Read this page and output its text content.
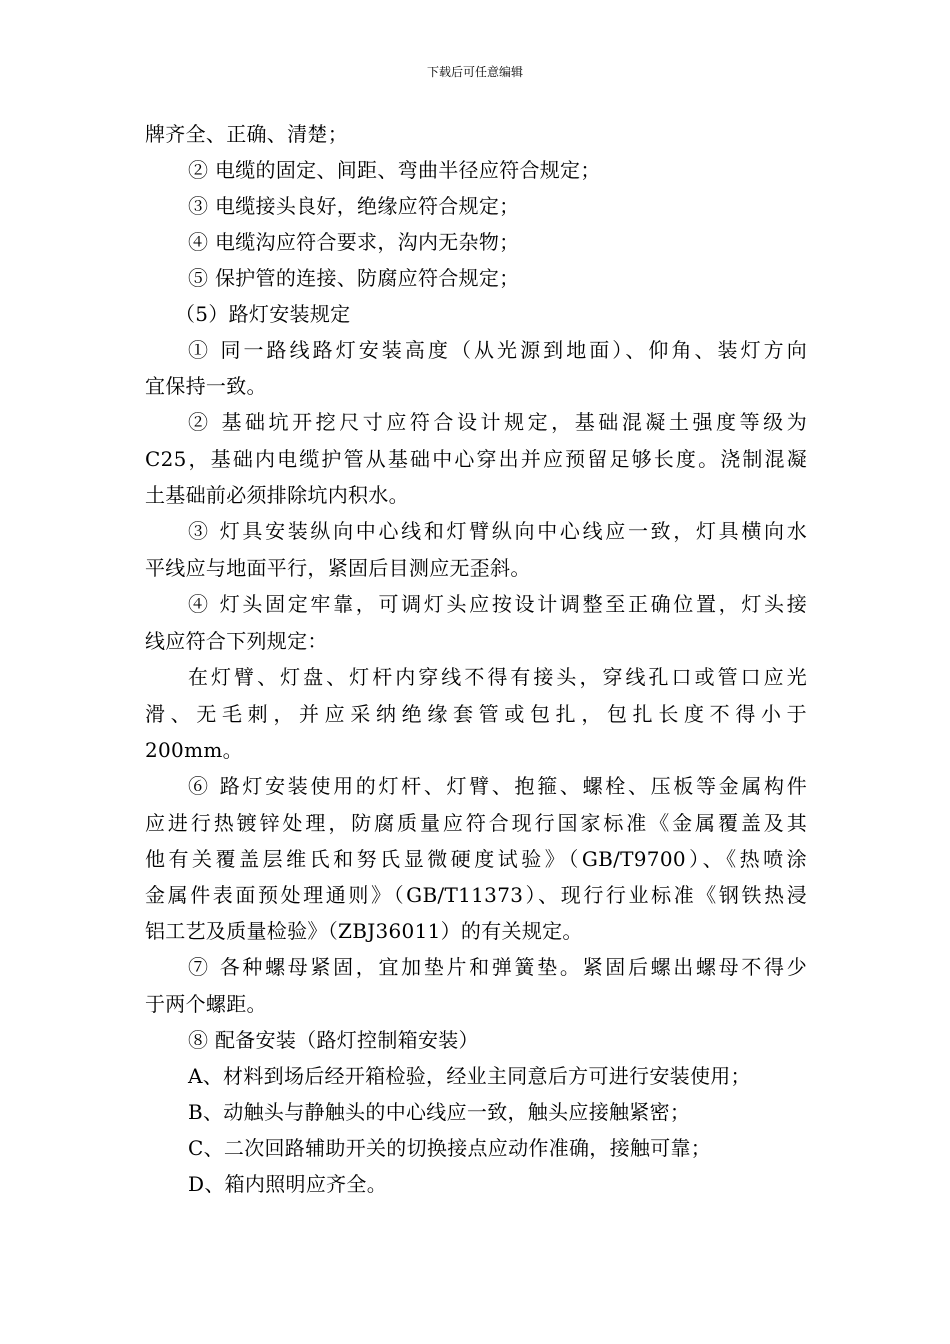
下载后可任意编辑
牌齐全、正确、清楚；
② 电缆的固定、间距、弯曲半径应符合规定；
③ 电缆接头良好，绝缘应符合规定；
④ 电缆沟应符合要求，沟内无杂物；
⑤ 保护管的连接、防腐应符合规定；
（5）路灯安装规定
① 同一路线路灯安装高度（从光源到地面）、仰角、装灯方向
宜保持一致。
② 基础坑开挖尺寸应符合设计规定，基础混凝土强度等级为
C25，基础内电缆护管从基础中心穿出并应预留足够长度。浇制混凝
土基础前必须排除坑内积水。
③ 灯具安装纵向中心线和灯臂纵向中心线应一致，灯具横向水
平线应与地面平行，紧固后目测应无歪斜。
④ 灯头固定牢靠，可调灯头应按设计调整至正确位置，灯头接
线应符合下列规定：
在灯臂、灯盘、灯杆内穿线不得有接头，穿线孔口或管口应光
滑、无毛刺，并应采纳绝缘套管或包扎，包扎长度不得小于
200mm。
⑥ 路灯安装使用的灯杆、灯臂、抱箍、螺栓、压板等金属构件
应进行热镀锌处理，防腐质量应符合现行国家标准《金属覆盖及其
他有关覆盖层维氏和努氏显微硬度试验》（GB/T9700）、《热喷涂
金属件表面预处理通则》（GB/T11373）、现行行业标准《钢铁热浸
铝工艺及质量检验》（ZBJ36011）的有关规定。
⑦ 各种螺母紧固，宜加垫片和弹簧垫。紧固后螺出螺母不得少
于两个螺距。
⑧ 配备安装（路灯控制箱安装）
A、材料到场后经开箱检验，经业主同意后方可进行安装使用；
B、动触头与静触头的中心线应一致，触头应接触紧密；
C、二次回路辅助开关的切换接点应动作准确，接触可靠；
D、箱内照明应齐全。
